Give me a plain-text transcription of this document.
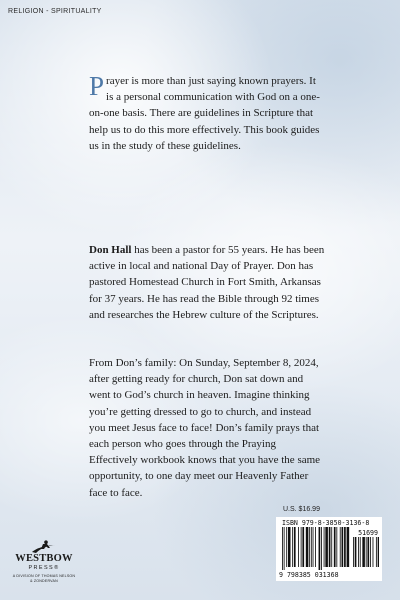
RELIGION - SPIRITUALITY

Prayer is more than just saying known prayers. It is a personal communication with God on a one-on-one basis. There are guidelines in Scripture that help us to do this more effectively. This book guides us in the study of these guidelines.

Don Hall has been a pastor for 55 years. He has been active in local and national Day of Prayer. Don has pastored Homestead Church in Fort Smith, Arkansas for 37 years. He has read the Bible through 92 times and researches the Hebrew culture of the Scriptures.

From Don’s family: On Sunday, September 8, 2024, after getting ready for church, Don sat down and went to God’s church in heaven. Imagine thinking you’re getting dressed to go to church, and instead you meet Jesus face to face! Don’s family prays that each person who goes through the Praying Effectively workbook knows that you have the same opportunity, to one day meet our Heavenly Father face to face.

U.S. $16.99
ISBN 979-8-3850-3136-8
51699
9 798385 031368
WESTBOW
PRESS®
A DIVISION OF THOMAS NELSON
& ZONDERVAN
